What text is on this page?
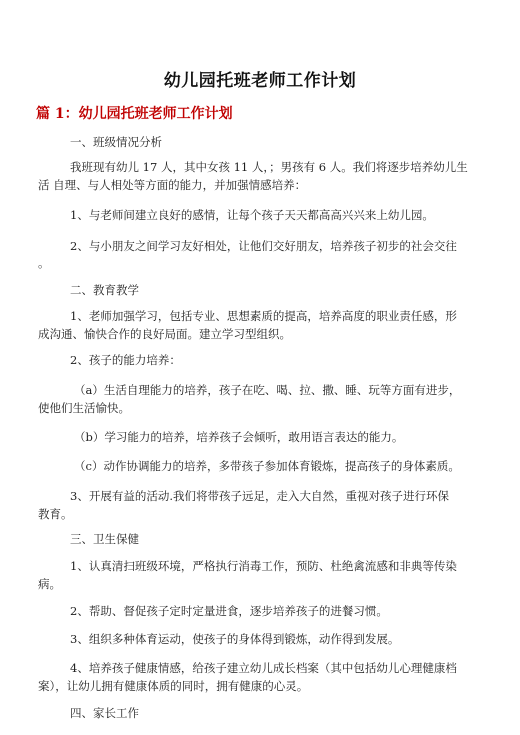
幼儿园托班老师工作计划
篇 1：幼儿园托班老师工作计划
一、班级情况分析
我班现有幼儿 17 人，其中女孩 11 人，；男孩有 6 人。我们将逐步培养幼儿生
活 自理、与人相处等方面的能力，并加强情感培养：
1、与老师间建立良好的感情，让每个孩子天天都高高兴兴来上幼儿园。
2、与小朋友之间学习友好相处，让他们交好朋友，培养孩子初步的社会交往
。
二、教育教学
1、老师加强学习，包括专业、思想素质的提高，培养高度的职业责任感，形
成沟通、愉快合作的良好局面。建立学习型组织。
2、孩子的能力培养：
（a）生活自理能力的培养，孩子在吃、喝、拉、撒、睡、玩等方面有进步，
使他们生活愉快。
（b）学习能力的培养，培养孩子会倾听，敢用语言表达的能力。
（c）动作协调能力的培养，多带孩子参加体育锻炼，提高孩子的身体素质。
3、开展有益的活动.我们将带孩子远足，走入大自然，重视对孩子进行环保
教育。
三、卫生保健
1、认真清扫班级环境，严格执行消毒工作，预防、杜绝禽流感和非典等传染
病。
2、帮助、督促孩子定时定量进食，逐步培养孩子的进餐习惯。
3、组织多种体育运动，使孩子的身体得到锻炼，动作得到发展。
4、培养孩子健康情感，给孩子建立幼儿成长档案（其中包括幼儿心理健康档
案），让幼儿拥有健康体质的同时，拥有健康的心灵。
四、家长工作
